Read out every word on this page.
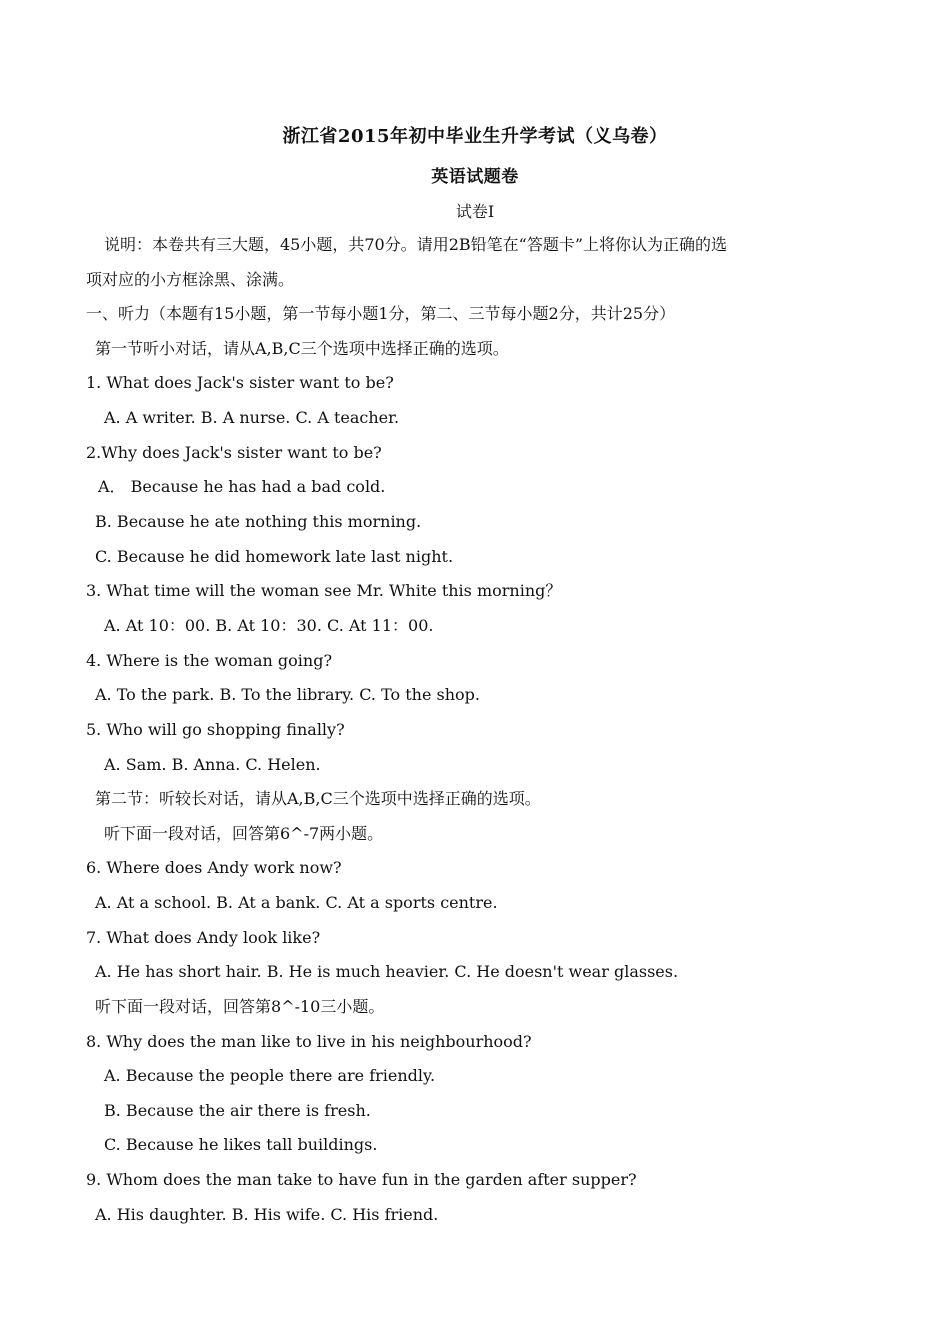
浙江省2015年初中毕业生升学考试（义乌卷）
英语试题卷
试卷Ⅰ
说明：本卷共有三大题，45小题，共70分。请用2B铅笔在“答题卡”上将你认为正确的选
项对应的小方框涂黑、涂满。
一、听力（本题有15小题，第一节每小题1分，第二、三节每小题2分，共计25分）
第一节听小对话，请从A,B,C三个选项中选择正确的选项。
1. What does Jack's sister want to be?
A. A writer. B. A nurse. C. A teacher.
2.Why does Jack's sister want to be?
A． Because he has had a bad cold.
B. Because he ate nothing this morning.
C. Because he did homework late last night.
3. What time will the woman see Mr. White this morning？
A. At 10：00. B. At 10：30. C. At 11：00.
4. Where is the woman going?
A. To the park. B. To the library. C. To the shop.
5. Who will go shopping finally?
A. Sam. B. Anna. C. Helen.
第二节：听较长对话，请从A,B,C三个选项中选择正确的选项。
听下面一段对话，回答第6^-7两小题。
6. Where does Andy work now?
A. At a school. B. At a bank. C. At a sports centre.
7. What does Andy look like?
A. He has short hair. B. He is much heavier. C. He doesn't wear glasses.
听下面一段对话，回答第8^-10三小题。
8. Why does the man like to live in his neighbourhood?
A. Because the people there are friendly.
B. Because the air there is fresh.
C. Because he likes tall buildings.
9. Whom does the man take to have fun in the garden after supper?
A. His daughter. B. His wife. C. His friend.
